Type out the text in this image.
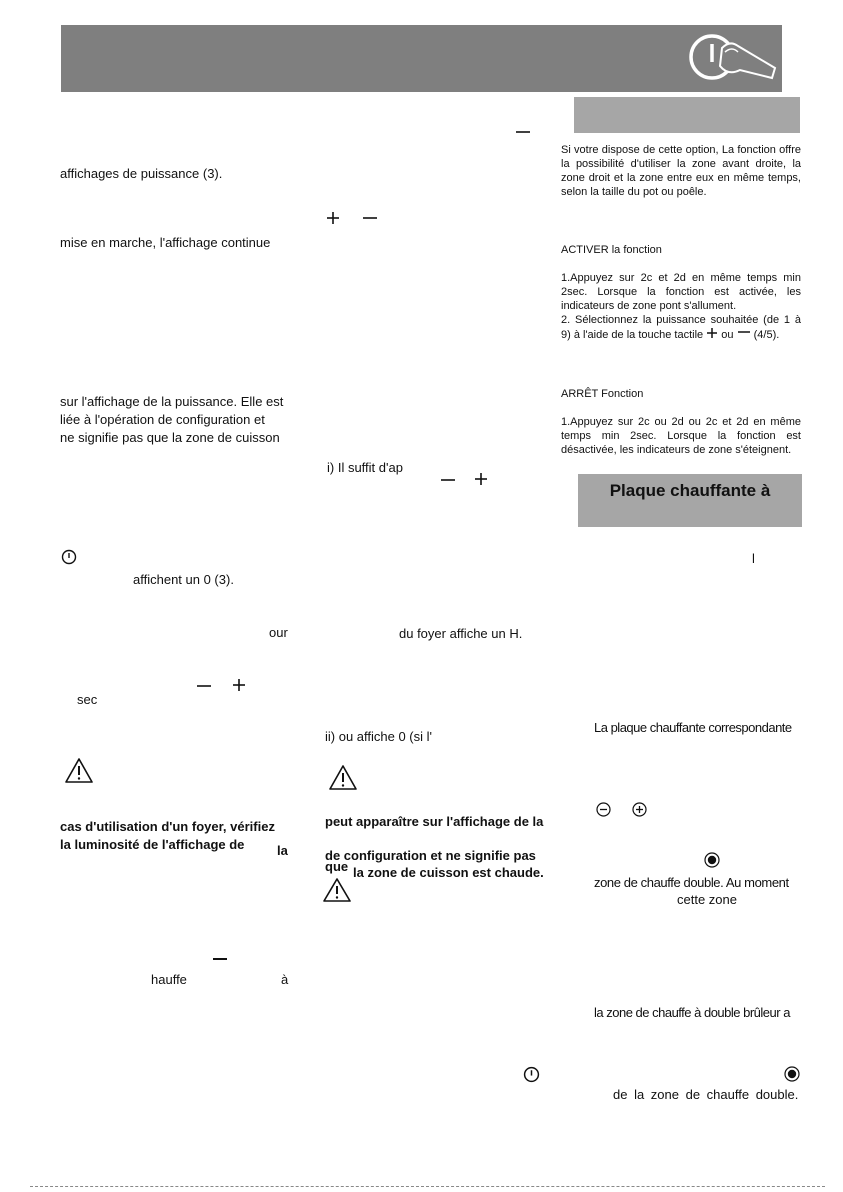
affichages de puissance (3).
mise en marche, l'affichage continue
sur l'affichage de la puissance. Elle est
liée à l'opération de configuration et
ne signifie pas que la zone de cuisson
affichent un 0 (3).
our
sec
cas d'utilisation d'un foyer, vérifiez
la luminosité de l'affichage de	la
hauffe	à
i) Il suffit d'ap
du foyer affiche un H.
ii) ou affiche 0 (si l'
peut apparaître sur l'affichage de la
de configuration et ne signifie pas
que la zone de cuisson est chaude.

Si votre dispose de cette option, La fonction offre la possibilité d'utiliser la zone avant droite, la zone droit et la zone entre eux en même temps, selon la taille du pot ou poêle.

ACTIVER la fonction

1.Appuyez sur 2c et 2d en même temps min 2sec. Lorsque la fonction est activée, les indicateurs de zone pont s'allument.

2. Sélectionnez la puissance souhaitée (de 1 à 9) à l'aide de la touche tactile ou (4/5).

ARRÊT Fonction

1.Appuyez sur 2c ou 2d ou 2c et 2d en même temps min 2sec. Lorsque la fonction est désactivée, les indicateurs de zone s'éteignent.

Plaque chauffante à
l
La plaque chauffante correspondante
zone de chauffe double. Au moment
cette zone
la zone de chauffe à double brûleur a
de la zone de chauffe double.
